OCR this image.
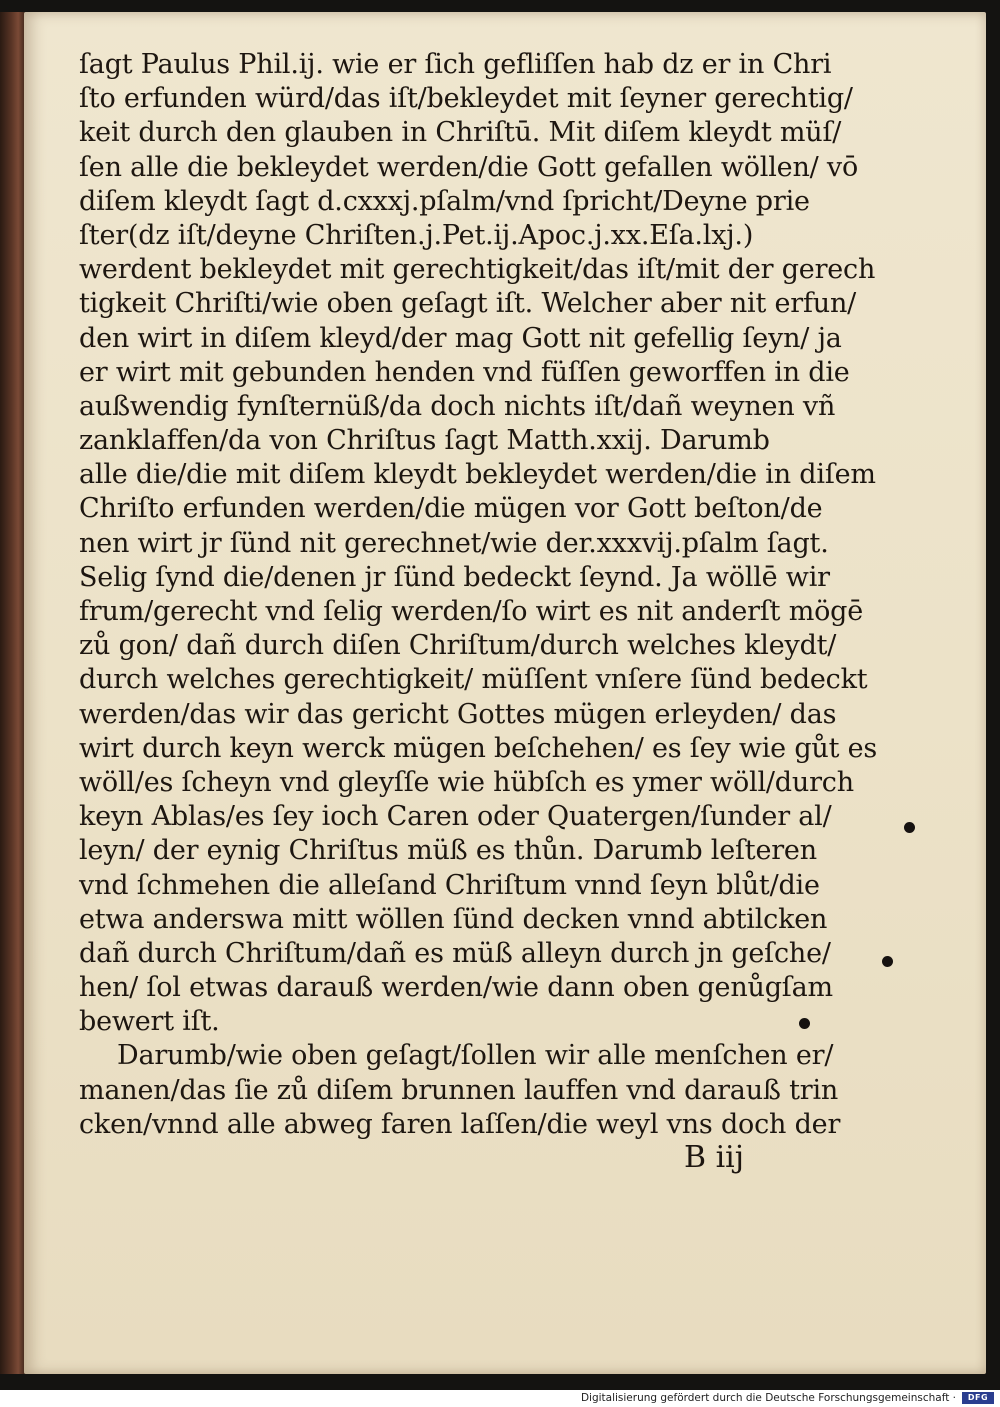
ſagt Paulus Phil.ij. wie er ſich gefliſſen hab dz er in Chri
ſto erfunden würd/das iſt/bekleydet mit ſeyner gerechtig/
keit durch den glauben in Chriſtū. Mit diſem kleydt müſ/
ſen alle die bekleydet werden/die Gott gefallen wöllen/ vō
diſem kleydt ſagt d.cxxxj.pſalm/vnd ſpricht/Deyne prie
ſter(dz iſt/deyne Chriſten.j.Pet.ij.Apoc.j.xx.Eſa.lxj.)
werdent bekleydet mit gerechtigkeit/das iſt/mit der gerech
tigkeit Chriſti/wie oben geſagt iſt. Welcher aber nit erfun/
den wirt in diſem kleyd/der mag Gott nit gefellig ſeyn/ ja
er wirt mit gebunden henden vnd füſſen geworffen in die
außwendig fynſternüß/da doch nichts iſt/dañ weynen vñ
zanklaffen/da von Chriſtus ſagt Matth.xxij. Darumb
alle die/die mit diſem kleydt bekleydet werden/die in diſem
Chriſto erfunden werden/die mügen vor Gott beſton/de
nen wirt jr ſünd nit gerechnet/wie der.xxxvij.pſalm ſagt.
Selig ſynd die/denen jr ſünd bedeckt ſeynd. Ja wöllē wir
frum/gerecht vnd ſelig werden/ſo wirt es nit anderſt mögē
zů gon/ dañ durch diſen Chriſtum/durch welches kleydt/
durch welches gerechtigkeit/ müſſent vnſere ſünd bedeckt
werden/das wir das gericht Gottes mügen erleyden/ das
wirt durch keyn werck mügen beſchehen/ es ſey wie gůt es
wöll/es ſcheyn vnd gleyſſe wie hübſch es ymer wöll/durch
keyn Ablas/es ſey ioch Caren oder Quatergen/ſunder al/
leyn/ der eynig Chriſtus müß es thůn. Darumb leſteren
vnd ſchmehen die alleſand Chriſtum vnnd ſeyn blůt/die
etwa anderswa mitt wöllen ſünd decken vnnd abtilcken
dañ durch Chriſtum/dañ es müß alleyn durch jn geſche/
hen/ ſol etwas darauß werden/wie dann oben genůgſam
bewert iſt.
Darumb/wie oben geſagt/ſollen wir alle menſchen er/
manen/das ſie zů diſem brunnen lauffen vnd darauß trin
cken/vnnd alle abweg faren laſſen/die weyl vns doch der
B iij
Digitalisierung gefördert durch die Deutsche Forschungsgemeinschaft ·	DFG
